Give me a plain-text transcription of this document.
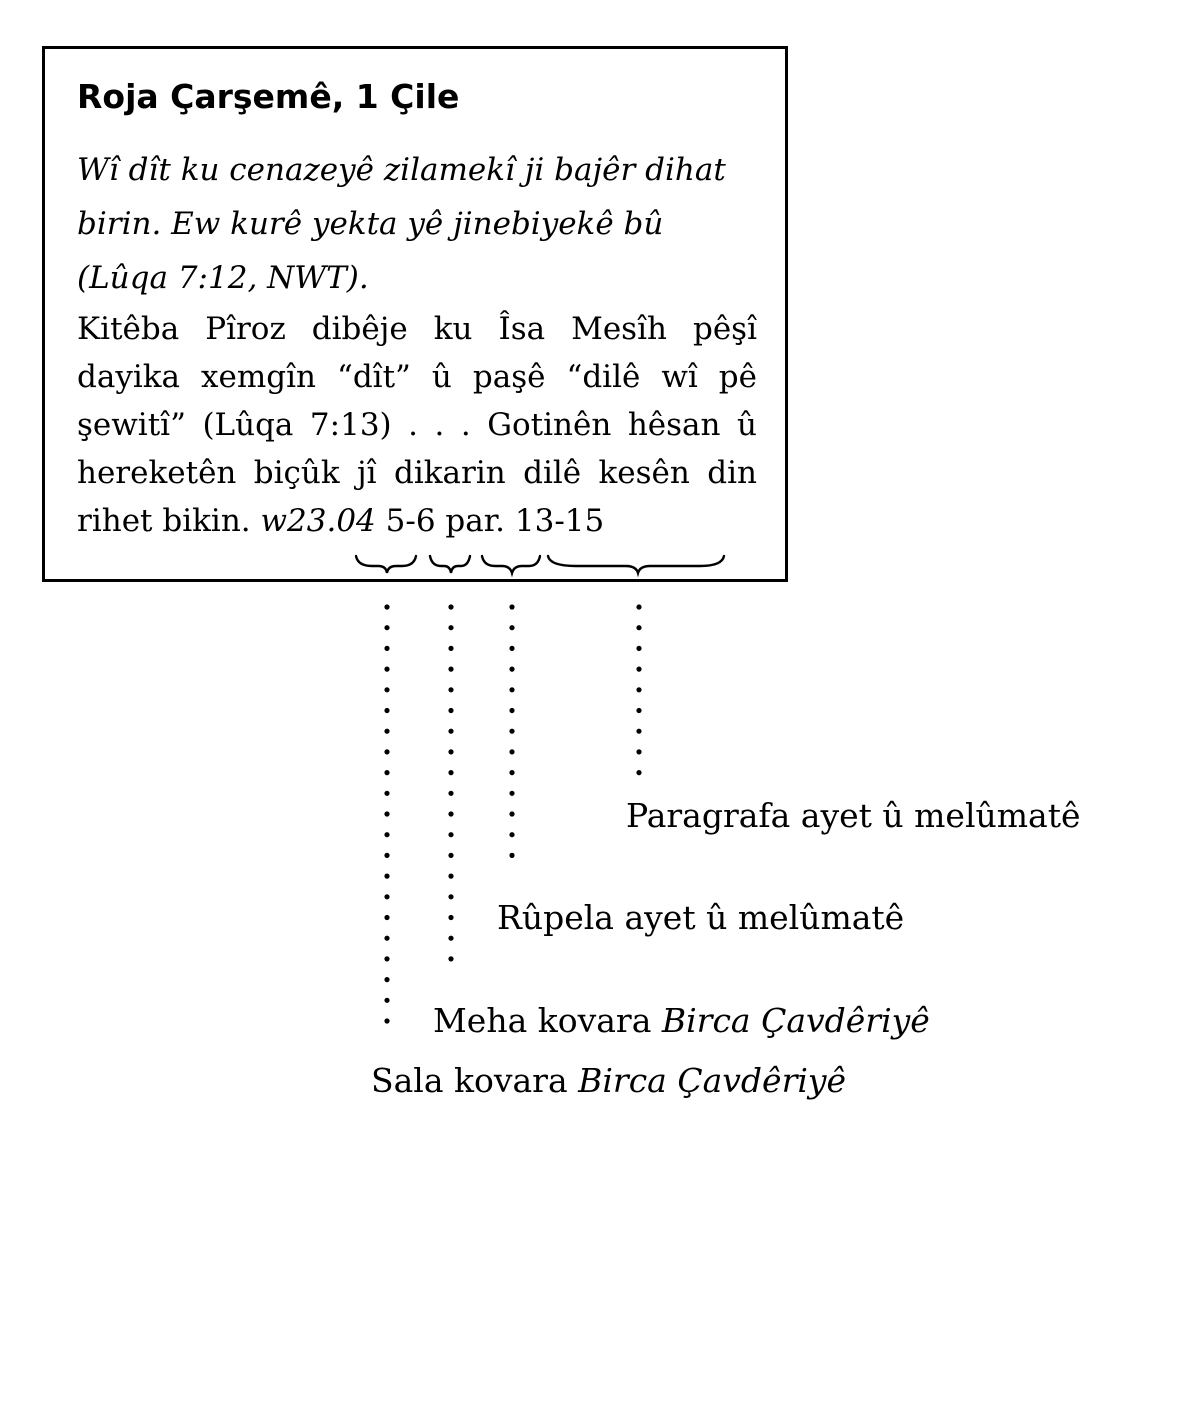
Roja Çarşemê, 1 Çile

Wî dît ku cenazeyê zilamekî ji bajêr dihat birin. Ew kurê yekta yê jinebiyekê bû (Lûqa 7:12, NWT).

Kitêba Pîroz dibêje ku Îsa Mesîh pêşî dayika xemgîn “dît” û paşê “dilê wî pê şewitî” (Lûqa 7:13) . . . Gotinên hêsan û hereketên biçûk jî dikarin dilê kesên din rihet bikin. w23.04 5-6 par. 13-15

Paragrafa ayet û melûmatê

Rûpela ayet û melûmatê

Meha kovara Birca Çavdêriyê

Sala kovara Birca Çavdêriyê
